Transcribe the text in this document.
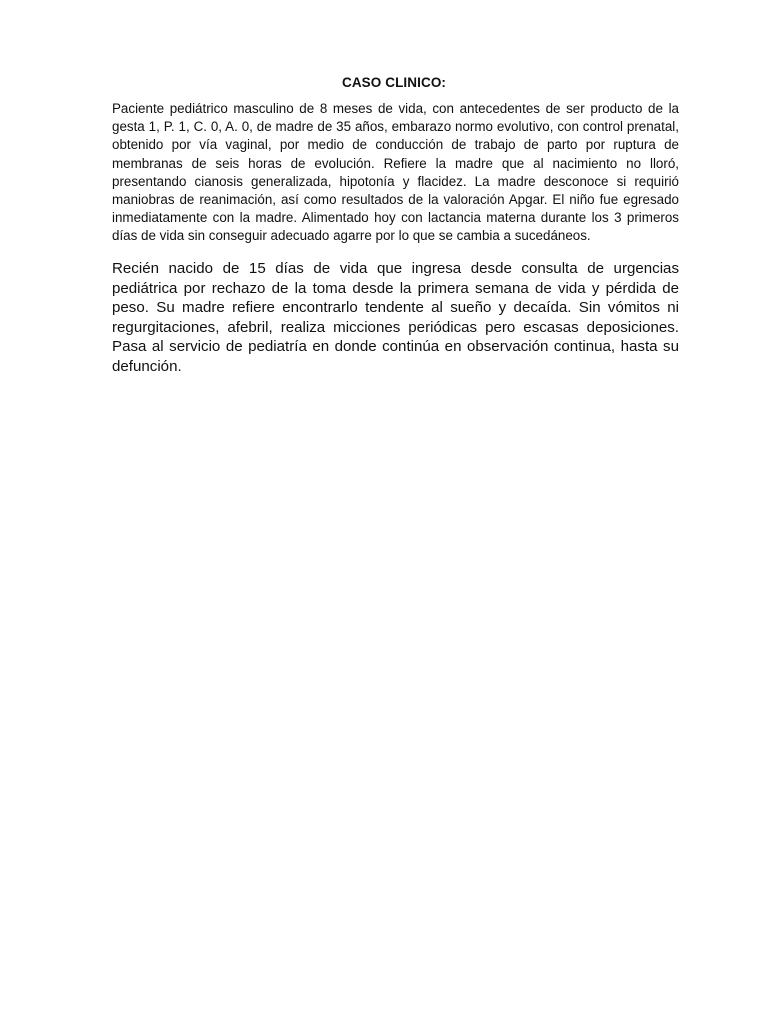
CASO CLINICO:

Paciente pediátrico masculino de 8 meses de vida, con antecedentes de ser producto de la gesta 1, P. 1, C. 0, A. 0, de madre de 35 años, embarazo normo evolutivo, con control prenatal, obtenido por vía vaginal, por medio de conducción de trabajo de parto por ruptura de membranas de seis horas de evolución. Refiere la madre que al nacimiento no lloró, presentando cianosis generalizada, hipotonía y flacidez. La madre desconoce si requirió maniobras de reanimación, así como resultados de la valoración Apgar. El niño fue egresado inmediatamente con la madre. Alimentado hoy con lactancia materna durante los 3 primeros días de vida sin conseguir adecuado agarre por lo que se cambia a sucedáneos.

Recién nacido de 15 días de vida que ingresa desde consulta de urgencias pediátrica por rechazo de la toma desde la primera semana de vida y pérdida de peso. Su madre refiere encontrarlo tendente al sueño y decaída. Sin vómitos ni regurgitaciones, afebril, realiza micciones periódicas pero escasas deposiciones. Pasa al servicio de pediatría en donde continúa en observación continua, hasta su defunción.
